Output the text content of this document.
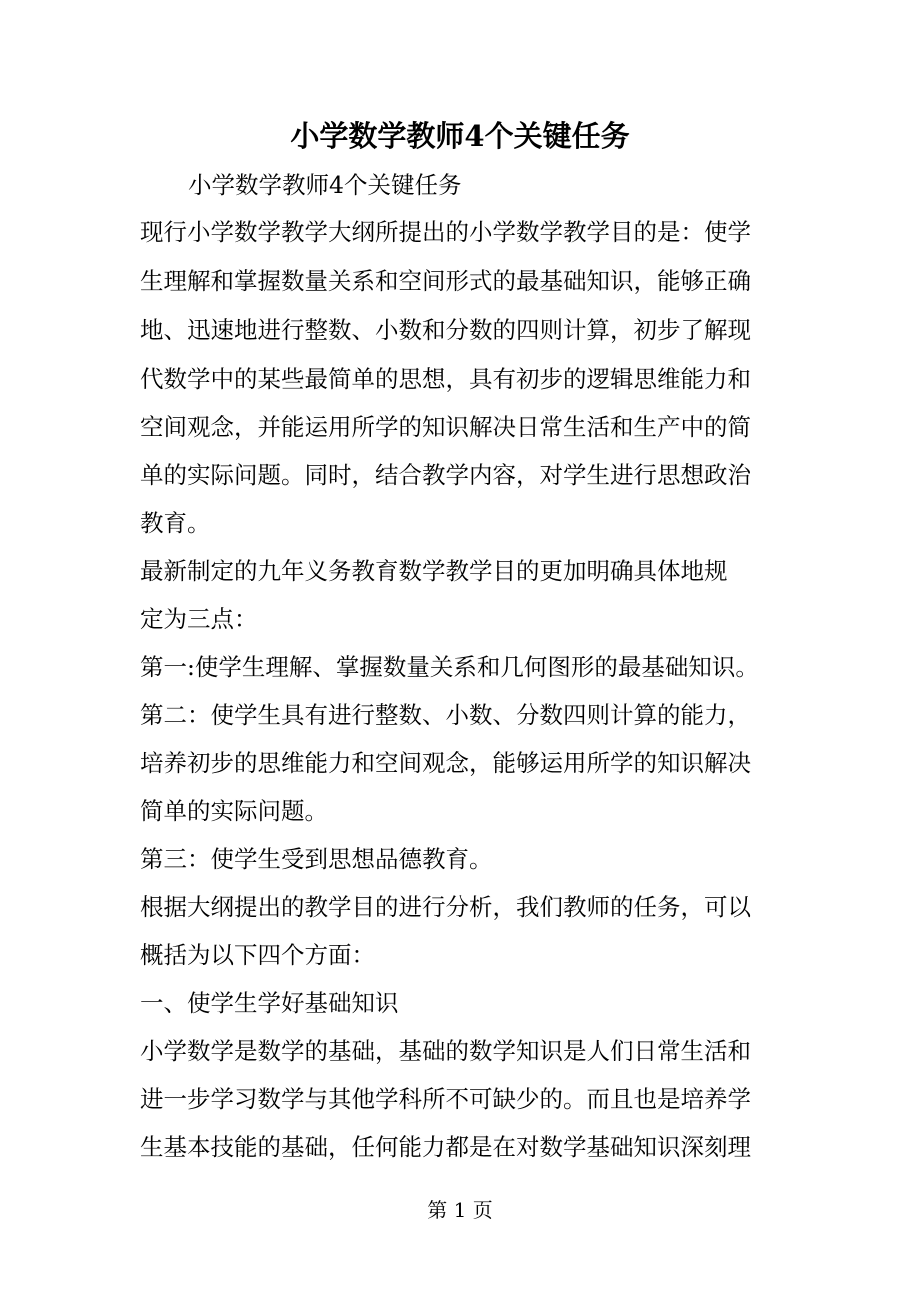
小学数学教师4个关键任务
小学数学教师4个关键任务
现行小学数学教学大纲所提出的小学数学教学目的是：使学
生理解和掌握数量关系和空间形式的最基础知识，能够正确
地、迅速地进行整数、小数和分数的四则计算，初步了解现
代数学中的某些最简单的思想，具有初步的逻辑思维能力和
空间观念，并能运用所学的知识解决日常生活和生产中的简
单的实际问题。同时，结合教学内容，对学生进行思想政治
教育。
最新制定的九年义务教育数学教学目的更加明确具体地规
定为三点：
第一:使学生理解、掌握数量关系和几何图形的最基础知识。
第二：使学生具有进行整数、小数、分数四则计算的能力，
培养初步的思维能力和空间观念，能够运用所学的知识解决
简单的实际问题。
第三：使学生受到思想品德教育。
根据大纲提出的教学目的进行分析，我们教师的任务，可以
概括为以下四个方面：
一、使学生学好基础知识
小学数学是数学的基础，基础的数学知识是人们日常生活和
进一步学习数学与其他学科所不可缺少的。而且也是培养学
生基本技能的基础，任何能力都是在对数学基础知识深刻理
第 1 页
